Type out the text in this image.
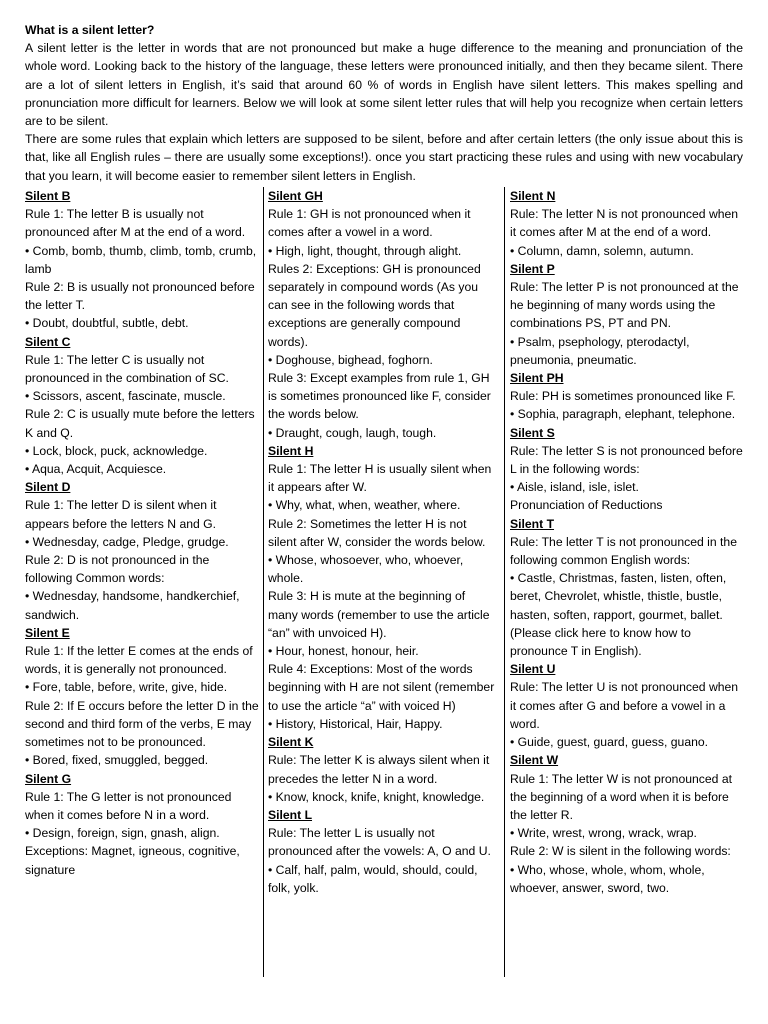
What is a silent letter?

A silent letter is the letter in words that are not pronounced but make a huge difference to the meaning and pronunciation of the whole word. Looking back to the history of the language, these letters were pronounced initially, and then they became silent. There are a lot of silent letters in English, it’s said that around 60 % of words in English have silent letters. This makes spelling and pronunciation more difficult for learners. Below we will look at some silent letter rules that will help you recognize when certain letters are to be silent.

There are some rules that explain which letters are supposed to be silent, before and after certain letters (the only issue about this is that, like all English rules – there are usually some exceptions!). once you start practicing these rules and using with new vocabulary that you learn, it will become easier to remember silent letters in English.

Silent B

Rule 1: The letter B is usually not pronounced after M at the end of a word.

• Comb, bomb, thumb, climb, tomb, crumb, lamb

Rule 2: B is usually not pronounced before the letter T.

• Doubt, doubtful, subtle, debt.

Silent C

Rule 1: The letter C is usually not pronounced in the combination of SC.

• Scissors, ascent, fascinate, muscle.

Rule 2: C is usually mute before the letters K and Q.

• Lock, block, puck, acknowledge.

• Aqua, Acquit, Acquiesce.

Silent D

Rule 1: The letter D is silent when it appears before the letters N and G.

• Wednesday, cadge, Pledge, grudge.

Rule 2: D is not pronounced in the following Common words:

• Wednesday, handsome, handkerchief, sandwich.

Silent E

Rule 1: If the letter E comes at the ends of words, it is generally not pronounced.

• Fore, table, before, write, give, hide.

Rule 2: If E occurs before the letter D in the second and third form of the verbs, E may sometimes not to be pronounced.

• Bored, fixed, smuggled, begged.

Silent G

Rule 1: The G letter is not pronounced when it comes before N in a word.

• Design, foreign, sign, gnash, align.

Exceptions: Magnet, igneous, cognitive, signature

Silent GH

Rule 1: GH is not pronounced when it comes after a vowel in a word.

• High, light, thought, through alight.

Rules 2: Exceptions: GH is pronounced separately in compound words (As you can see in the following words that exceptions are generally compound words).

• Doghouse, bighead, foghorn.

Rule 3: Except examples from rule 1, GH is sometimes pronounced like F, consider the words below.

• Draught, cough, laugh, tough.

Silent H

Rule 1: The letter H is usually silent when it appears after W.

• Why, what, when, weather, where.

Rule 2: Sometimes the letter H is not silent after W, consider the words below.

• Whose, whosoever, who, whoever, whole.

Rule 3: H is mute at the beginning of many words (remember to use the article “an” with unvoiced H).

• Hour, honest, honour, heir.

Rule 4: Exceptions: Most of the words beginning with H are not silent (remember to use the article “a” with voiced H)

• History, Historical, Hair, Happy.

Silent K

Rule: The letter K is always silent when it precedes the letter N in a word.

• Know, knock, knife, knight, knowledge.

Silent L

Rule: The letter L is usually not pronounced after the vowels: A, O and U.

• Calf, half, palm, would, should, could, folk, yolk.

Silent N

Rule: The letter N is not pronounced when it comes after M at the end of a word.

• Column, damn, solemn, autumn.

Silent P

Rule: The letter P is not pronounced at the he beginning of many words using the combinations PS, PT and PN.

• Psalm, psephology, pterodactyl, pneumonia, pneumatic.

Silent PH

Rule: PH is sometimes pronounced like F.

• Sophia, paragraph, elephant, telephone.

Silent S

Rule: The letter S is not pronounced before L in the following words:

• Aisle, island, isle, islet.

Pronunciation of Reductions

Silent T

Rule: The letter T is not pronounced in the following common English words:

• Castle, Christmas, fasten, listen, often, beret, Chevrolet, whistle, thistle, bustle, hasten, soften, rapport, gourmet, ballet. (Please click here to know how to pronounce T in English).

Silent U

Rule: The letter U is not pronounced when it comes after G and before a vowel in a word.

• Guide, guest, guard, guess, guano.

Silent W

Rule 1: The letter W is not pronounced at the beginning of a word when it is before the letter R.

• Write, wrest, wrong, wrack, wrap.

Rule 2: W is silent in the following words:

• Who, whose, whole, whom, whole, whoever, answer, sword, two.
